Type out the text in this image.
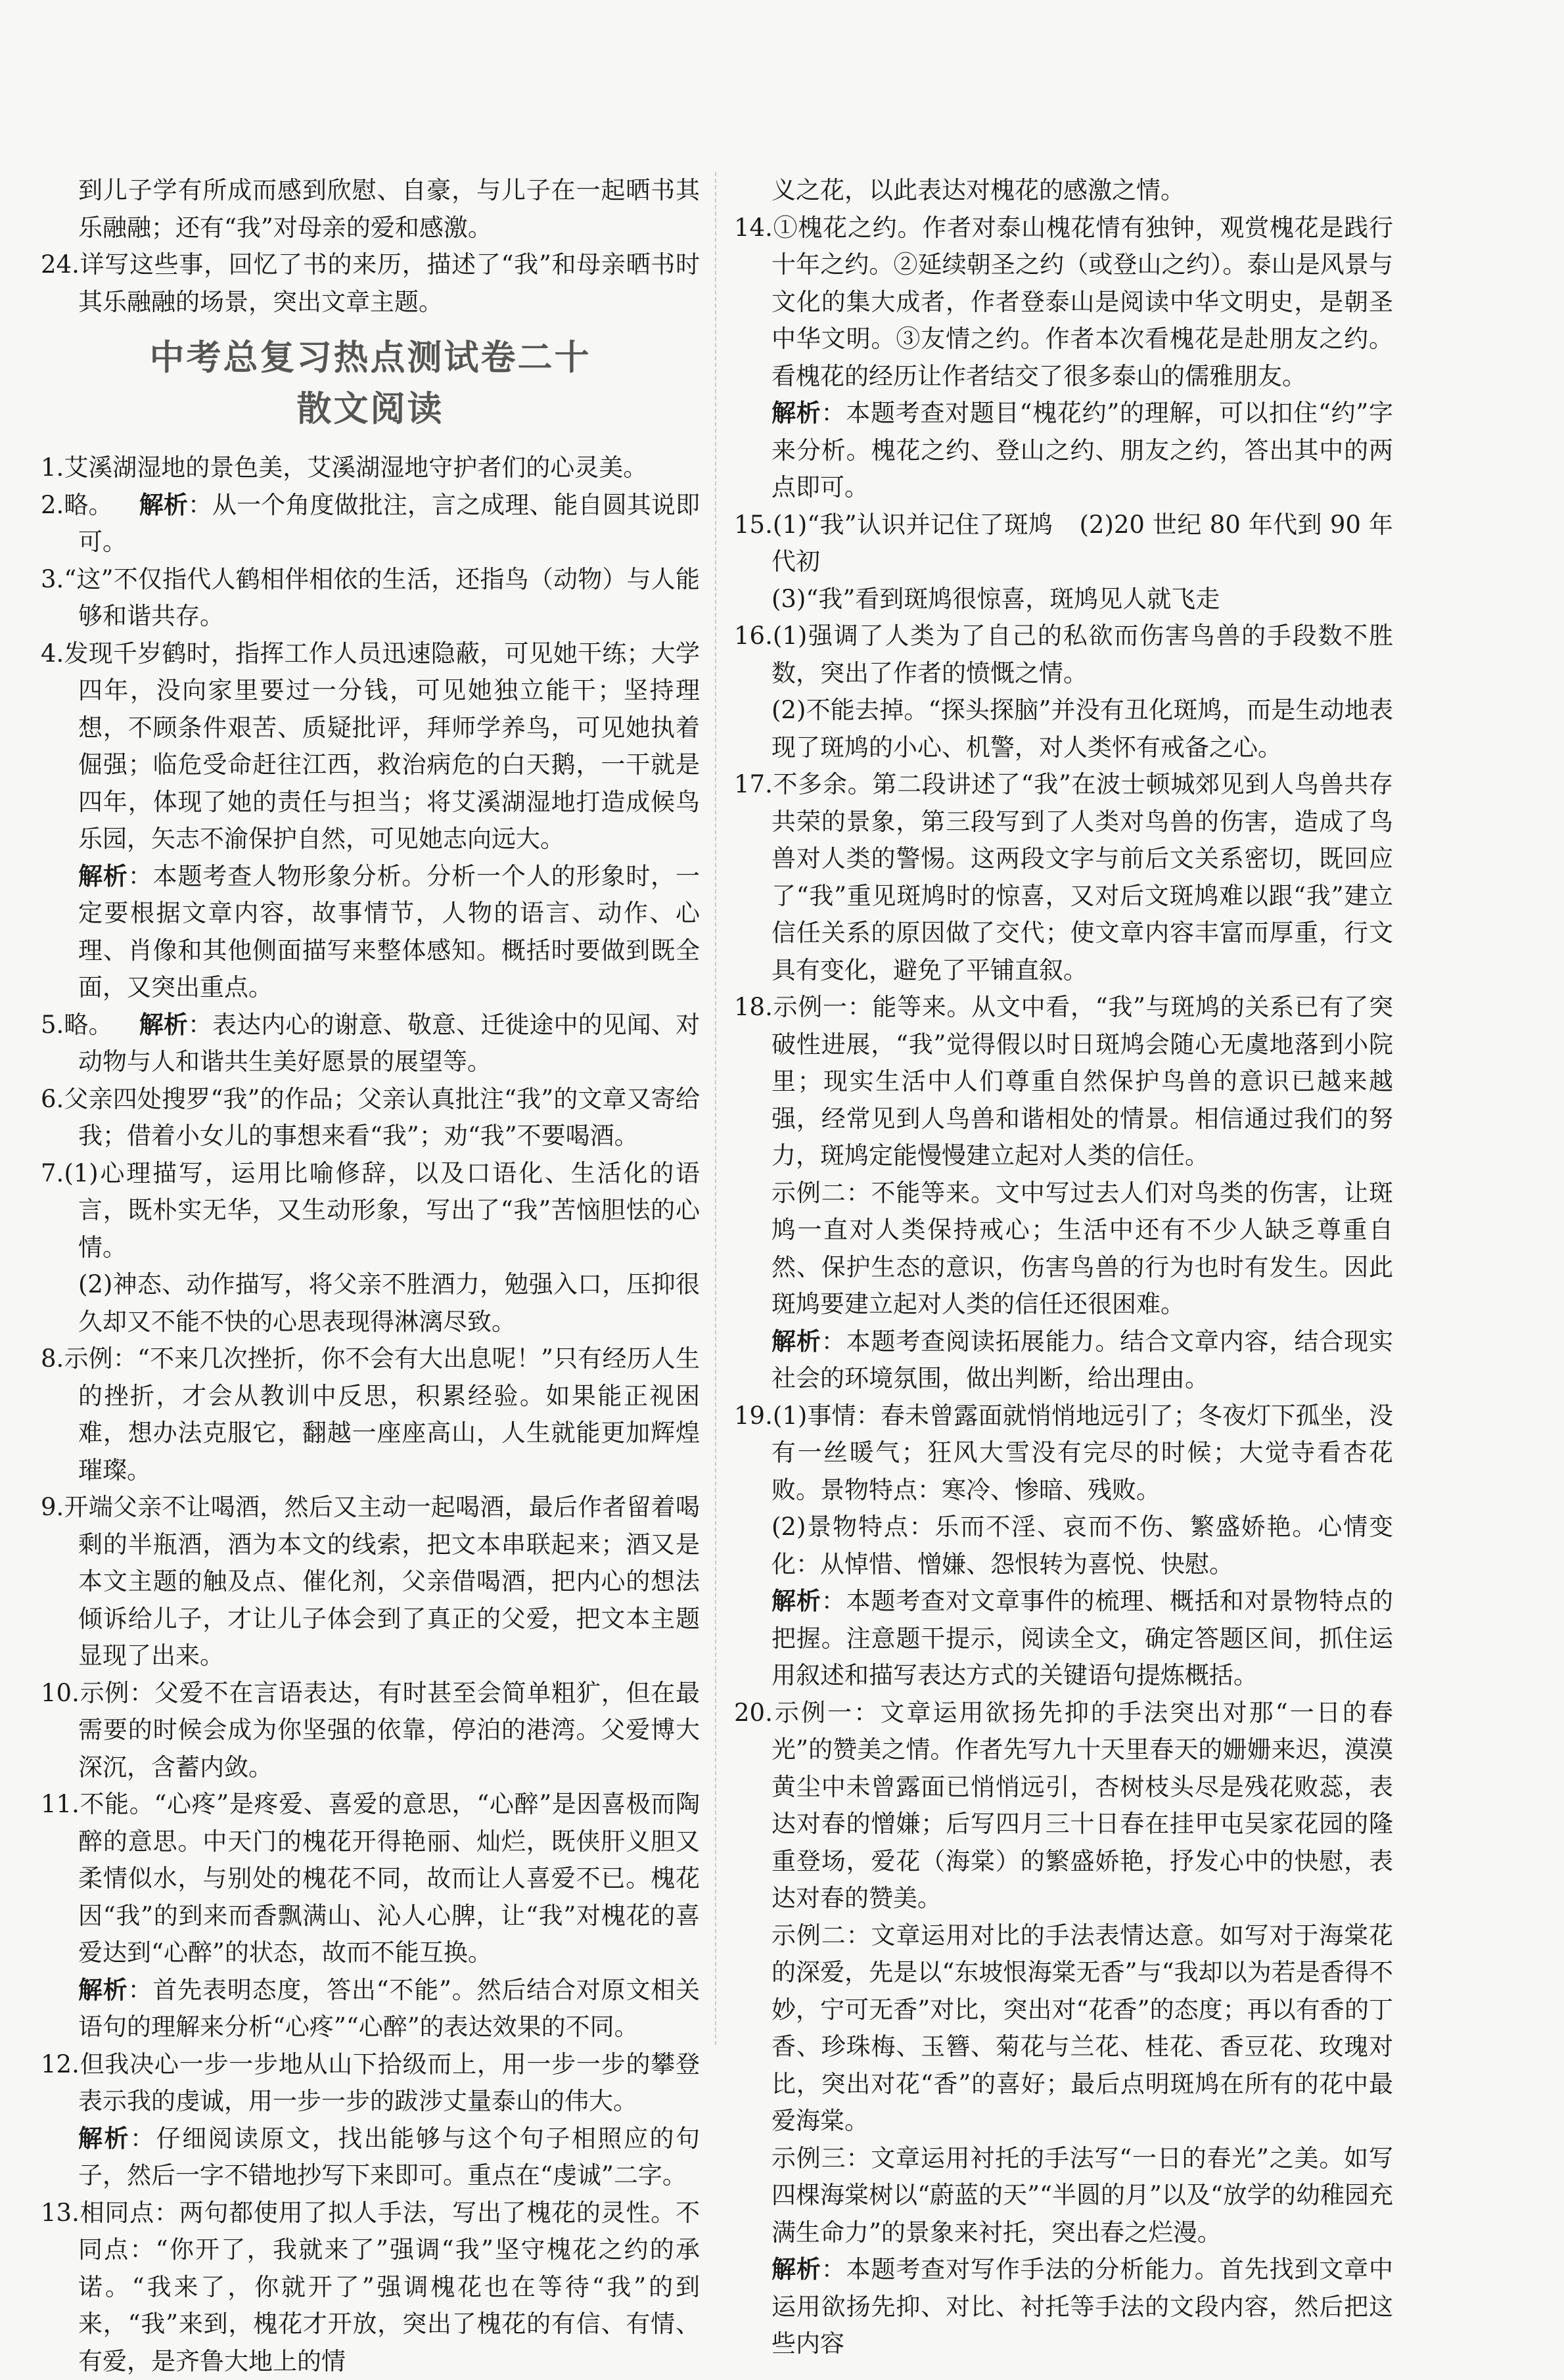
到儿子学有所成而感到欣慰、自豪，与儿子在一起晒书其乐融融；还有“我”对母亲的爱和感激。
24.详写这些事，回忆了书的来历，描述了“我”和母亲晒书时其乐融融的场景，突出文章主题。
中考总复习热点测试卷二十
散文阅读
1.艾溪湖湿地的景色美，艾溪湖湿地守护者们的心灵美。
2.略。 解析：从一个角度做批注，言之成理、能自圆其说即可。
3.“这”不仅指代人鹤相伴相依的生活，还指鸟（动物）与人能够和谐共存。
4.发现千岁鹤时，指挥工作人员迅速隐蔽，可见她干练；大学四年，没向家里要过一分钱，可见她独立能干；坚持理想，不顾条件艰苦、质疑批评，拜师学养鸟，可见她执着倔强；临危受命赶往江西，救治病危的白天鹅，一干就是四年，体现了她的责任与担当；将艾溪湖湿地打造成候鸟乐园，矢志不渝保护自然，可见她志向远大。
解析：本题考查人物形象分析。分析一个人的形象时，一定要根据文章内容，故事情节，人物的语言、动作、心理、肖像和其他侧面描写来整体感知。概括时要做到既全面，又突出重点。
5.略。 解析：表达内心的谢意、敬意、迁徙途中的见闻、对动物与人和谐共生美好愿景的展望等。
6.父亲四处搜罗“我”的作品；父亲认真批注“我”的文章又寄给我；借着小女儿的事想来看“我”；劝“我”不要喝酒。
7.(1)心理描写，运用比喻修辞，以及口语化、生活化的语言，既朴实无华，又生动形象，写出了“我”苦恼胆怯的心情。
(2)神态、动作描写，将父亲不胜酒力，勉强入口，压抑很久却又不能不快的心思表现得淋漓尽致。
8.示例：“不来几次挫折，你不会有大出息呢！”只有经历人生的挫折，才会从教训中反思，积累经验。如果能正视困难，想办法克服它，翻越一座座高山，人生就能更加辉煌璀璨。
9.开端父亲不让喝酒，然后又主动一起喝酒，最后作者留着喝剩的半瓶酒，酒为本文的线索，把文本串联起来；酒又是本文主题的触及点、催化剂，父亲借喝酒，把内心的想法倾诉给儿子，才让儿子体会到了真正的父爱，把文本主题显现了出来。
10.示例：父爱不在言语表达，有时甚至会简单粗犷，但在最需要的时候会成为你坚强的依靠，停泊的港湾。父爱博大深沉，含蓄内敛。
11.不能。“心疼”是疼爱、喜爱的意思，“心醉”是因喜极而陶醉的意思。中天门的槐花开得艳丽、灿烂，既侠肝义胆又柔情似水，与别处的槐花不同，故而让人喜爱不已。槐花因“我”的到来而香飘满山、沁人心脾，让“我”对槐花的喜爱达到“心醉”的状态，故而不能互换。
解析：首先表明态度，答出“不能”。然后结合对原文相关语句的理解来分析“心疼”“心醉”的表达效果的不同。
12.但我决心一步一步地从山下拾级而上，用一步一步的攀登表示我的虔诚，用一步一步的跋涉丈量泰山的伟大。
解析：仔细阅读原文，找出能够与这个句子相照应的句子，然后一字不错地抄写下来即可。重点在“虔诚”二字。
13.相同点：两句都使用了拟人手法，写出了槐花的灵性。不同点：“你开了，我就来了”强调“我”坚守槐花之约的承诺。“我来了，你就开了”强调槐花也在等待“我”的到来，“我”来到，槐花才开放，突出了槐花的有信、有情、有爱，是齐鲁大地上的情
义之花，以此表达对槐花的感激之情。
14.①槐花之约。作者对泰山槐花情有独钟，观赏槐花是践行十年之约。②延续朝圣之约（或登山之约）。泰山是风景与文化的集大成者，作者登泰山是阅读中华文明史，是朝圣中华文明。③友情之约。作者本次看槐花是赴朋友之约。看槐花的经历让作者结交了很多泰山的儒雅朋友。
解析：本题考查对题目“槐花约”的理解，可以扣住“约”字来分析。槐花之约、登山之约、朋友之约，答出其中的两点即可。
15.(1)“我”认识并记住了斑鸠 (2)20 世纪 80 年代到 90 年代初
(3)“我”看到斑鸠很惊喜，斑鸠见人就飞走
16.(1)强调了人类为了自己的私欲而伤害鸟兽的手段数不胜数，突出了作者的愤慨之情。
(2)不能去掉。“探头探脑”并没有丑化斑鸠，而是生动地表现了斑鸠的小心、机警，对人类怀有戒备之心。
17.不多余。第二段讲述了“我”在波士顿城郊见到人鸟兽共存共荣的景象，第三段写到了人类对鸟兽的伤害，造成了鸟兽对人类的警惕。这两段文字与前后文关系密切，既回应了“我”重见斑鸠时的惊喜，又对后文斑鸠难以跟“我”建立信任关系的原因做了交代；使文章内容丰富而厚重，行文具有变化，避免了平铺直叙。
18.示例一：能等来。从文中看，“我”与斑鸠的关系已有了突破性进展，“我”觉得假以时日斑鸠会随心无虞地落到小院里；现实生活中人们尊重自然保护鸟兽的意识已越来越强，经常见到人鸟兽和谐相处的情景。相信通过我们的努力，斑鸠定能慢慢建立起对人类的信任。
示例二：不能等来。文中写过去人们对鸟类的伤害，让斑鸠一直对人类保持戒心；生活中还有不少人缺乏尊重自然、保护生态的意识，伤害鸟兽的行为也时有发生。因此斑鸠要建立起对人类的信任还很困难。
解析：本题考查阅读拓展能力。结合文章内容，结合现实社会的环境氛围，做出判断，给出理由。
19.(1)事情：春未曾露面就悄悄地远引了；冬夜灯下孤坐，没有一丝暖气；狂风大雪没有完尽的时候；大觉寺看杏花败。景物特点：寒冷、惨暗、残败。
(2)景物特点：乐而不淫、哀而不伤、繁盛娇艳。心情变化：从悼惜、憎嫌、怨恨转为喜悦、快慰。
解析：本题考查对文章事件的梳理、概括和对景物特点的把握。注意题干提示，阅读全文，确定答题区间，抓住运用叙述和描写表达方式的关键语句提炼概括。
20.示例一：文章运用欲扬先抑的手法突出对那“一日的春光”的赞美之情。作者先写九十天里春天的姗姗来迟，漠漠黄尘中未曾露面已悄悄远引，杏树枝头尽是残花败蕊，表达对春的憎嫌；后写四月三十日春在挂甲屯吴家花园的隆重登场，爱花（海棠）的繁盛娇艳，抒发心中的快慰，表达对春的赞美。
示例二：文章运用对比的手法表情达意。如写对于海棠花的深爱，先是以“东坡恨海棠无香”与“我却以为若是香得不妙，宁可无香”对比，突出对“花香”的态度；再以有香的丁香、珍珠梅、玉簪、菊花与兰花、桂花、香豆花、玫瑰对比，突出对花“香”的喜好；最后点明斑鸠在所有的花中最爱海棠。
示例三：文章运用衬托的手法写“一日的春光”之美。如写四棵海棠树以“蔚蓝的天”“半圆的月”以及“放学的幼稚园充满生命力”的景象来衬托，突出春之烂漫。
解析：本题考查对写作手法的分析能力。首先找到文章中运用欲扬先抑、对比、衬托等手法的文段内容，然后把这些内容
